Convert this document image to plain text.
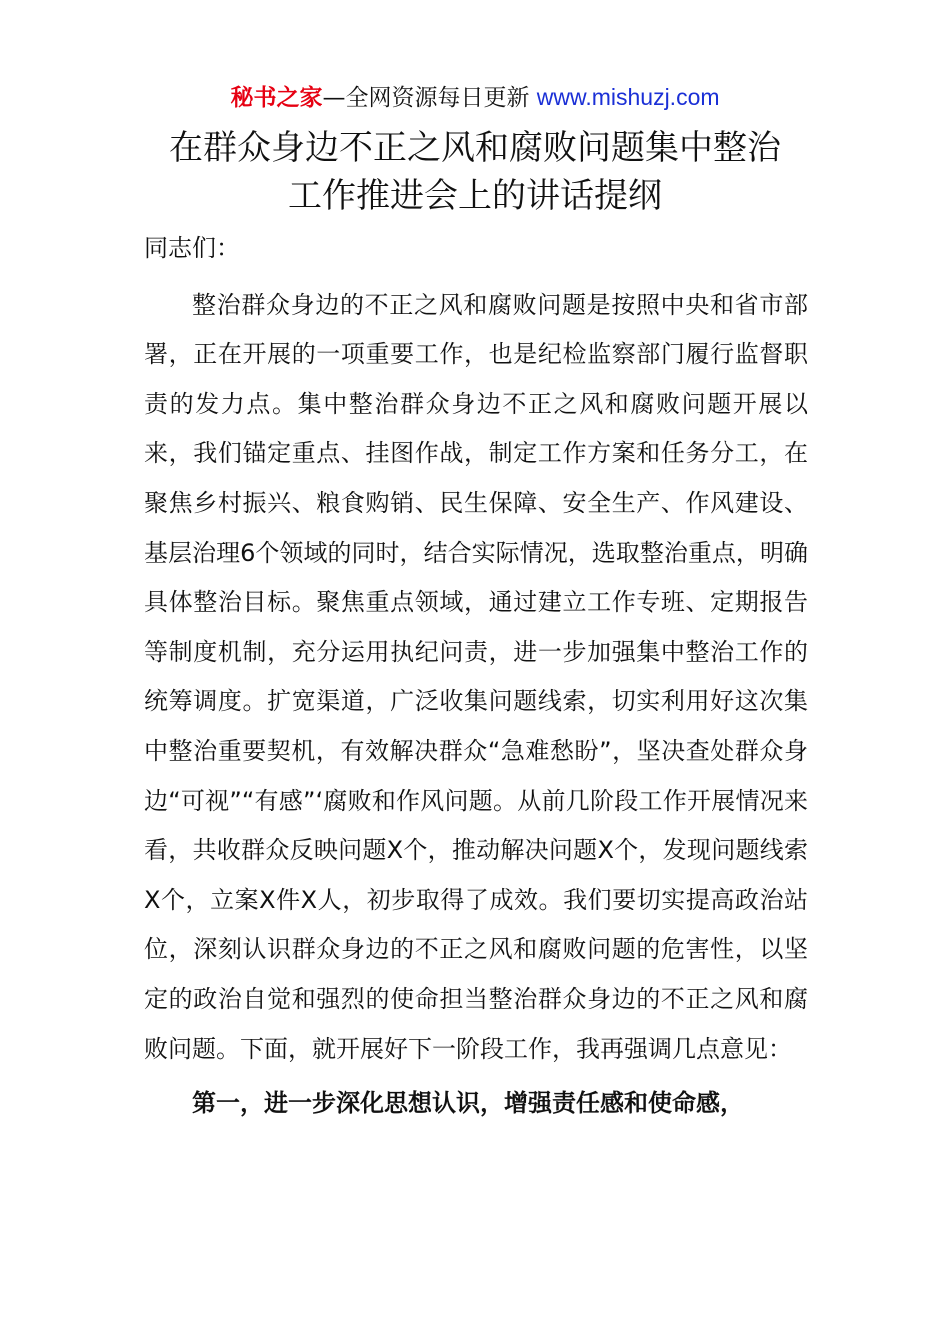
秘书之家—全网资源每日更新 www.mishuzj.com
在群众身边不正之风和腐败问题集中整治
工作推进会上的讲话提纲

同志们：

整治群众身边的不正之风和腐败问题是按照中央和省市部署，正在开展的一项重要工作，也是纪检监察部门履行监督职责的发力点。集中整治群众身边不正之风和腐败问题开展以来，我们锚定重点、挂图作战，制定工作方案和任务分工，在聚焦乡村振兴、粮食购销、民生保障、安全生产、作风建设、基层治理6个领域的同时，结合实际情况，选取整治重点，明确具体整治目标。聚焦重点领域，通过建立工作专班、定期报告等制度机制，充分运用执纪问责，进一步加强集中整治工作的统筹调度。扩宽渠道，广泛收集问题线索，切实利用好这次集中整治重要契机，有效解决群众“急难愁盼”，坚决查处群众身边“可视”“有感”‘腐败和作风问题。从前几阶段工作开展情况来看，共收群众反映问题X个，推动解决问题X个，发现问题线索X个，立案X件X人，初步取得了成效。我们要切实提高政治站位，深刻认识群众身边的不正之风和腐败问题的危害性，以坚定的政治自觉和强烈的使命担当整治群众身边的不正之风和腐败问题。下面，就开展好下一阶段工作，我再强调几点意见：

第一，进一步深化思想认识，增强责任感和使命感，
